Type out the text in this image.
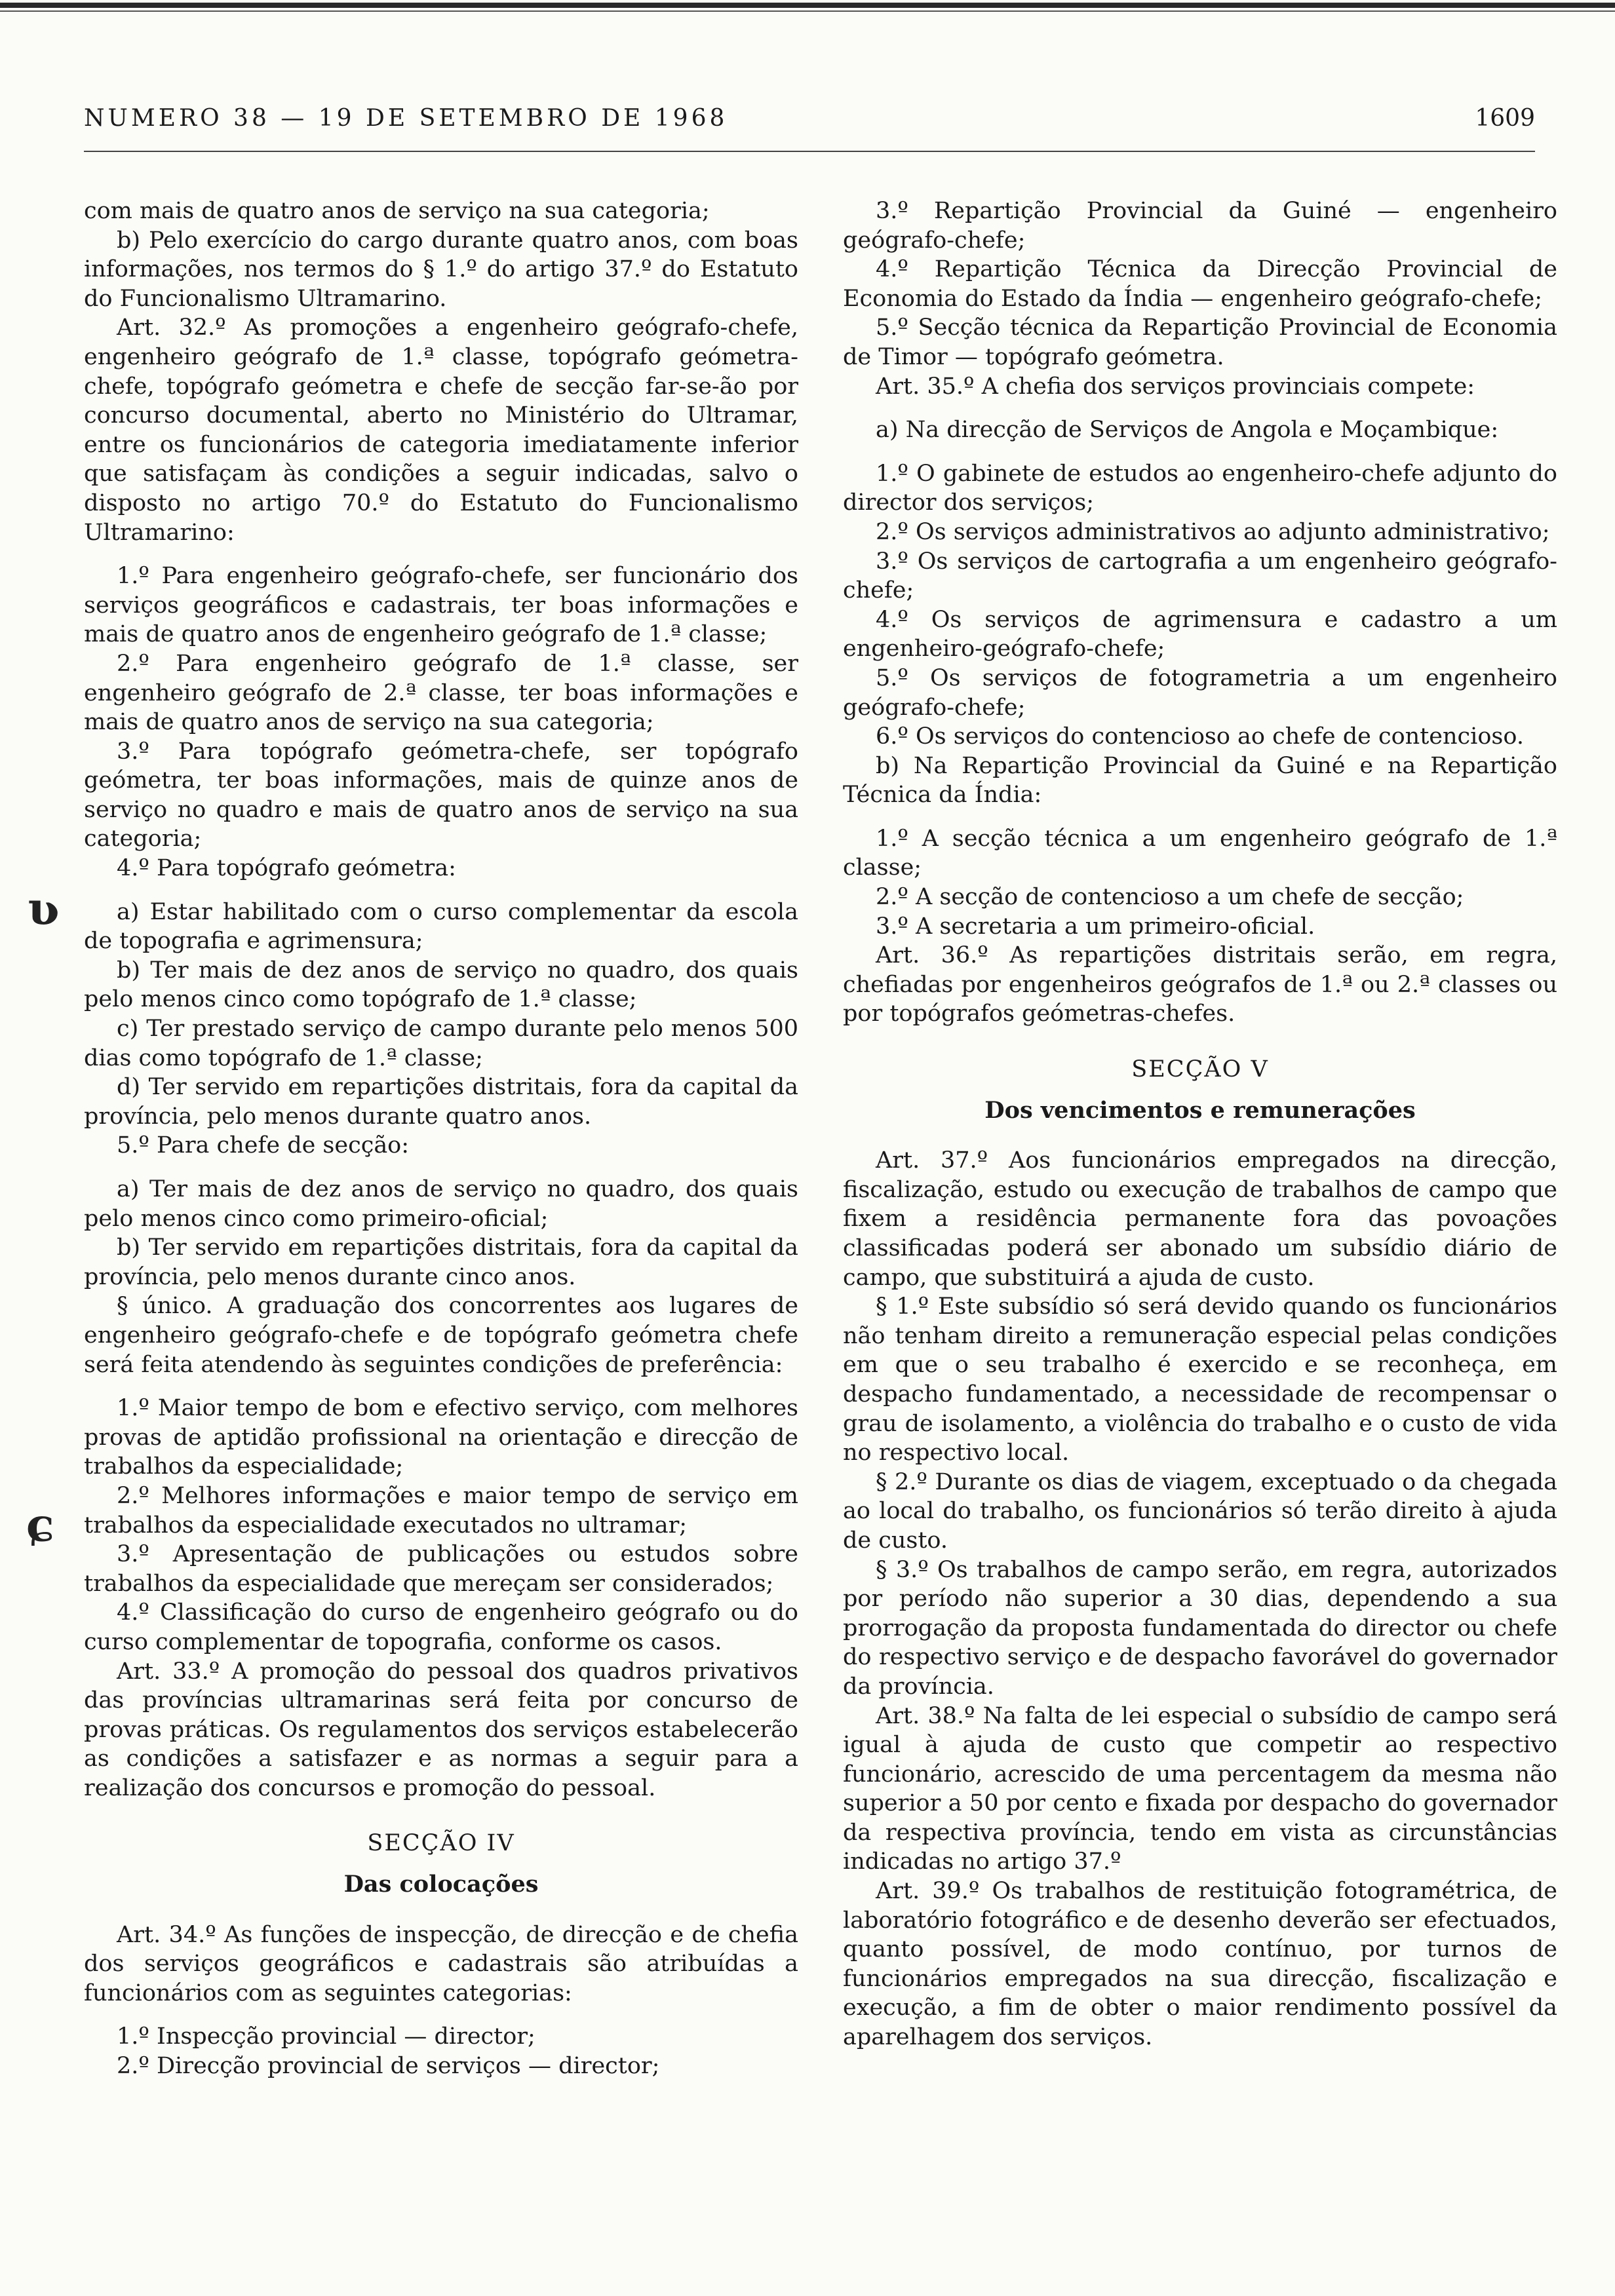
NUMERO 38 — 19 DE SETEMBRO DE 1968	1609
ʋ
ɕ
com mais de quatro anos de serviço na sua categoria;
b) Pelo exercício do cargo durante quatro anos, com boas informações, nos termos do § 1.º do artigo 37.º do Estatuto do Funcionalismo Ultramarino.
Art. 32.º As promoções a engenheiro geógrafo-chefe, engenheiro geógrafo de 1.ª classe, topógrafo geómetra-chefe, topógrafo geómetra e chefe de secção far-se-ão por concurso documental, aberto no Ministério do Ultramar, entre os funcionários de categoria imediatamente inferior que satisfaçam às condições a seguir indicadas, salvo o disposto no artigo 70.º do Estatuto do Funcionalismo Ultramarino:
1.º Para engenheiro geógrafo-chefe, ser funcionário dos serviços geográficos e cadastrais, ter boas informações e mais de quatro anos de engenheiro geógrafo de 1.ª classe;
2.º Para engenheiro geógrafo de 1.ª classe, ser engenheiro geógrafo de 2.ª classe, ter boas informações e mais de quatro anos de serviço na sua categoria;
3.º Para topógrafo geómetra-chefe, ser topógrafo geómetra, ter boas informações, mais de quinze anos de serviço no quadro e mais de quatro anos de serviço na sua categoria;
4.º Para topógrafo geómetra:
a) Estar habilitado com o curso complementar da escola de topografia e agrimensura;
b) Ter mais de dez anos de serviço no quadro, dos quais pelo menos cinco como topógrafo de 1.ª classe;
c) Ter prestado serviço de campo durante pelo menos 500 dias como topógrafo de 1.ª classe;
d) Ter servido em repartições distritais, fora da capital da província, pelo menos durante quatro anos.
5.º Para chefe de secção:
a) Ter mais de dez anos de serviço no quadro, dos quais pelo menos cinco como primeiro-oficial;
b) Ter servido em repartições distritais, fora da capital da província, pelo menos durante cinco anos.
§ único. A graduação dos concorrentes aos lugares de engenheiro geógrafo-chefe e de topógrafo geómetra chefe será feita atendendo às seguintes condições de preferência:
1.º Maior tempo de bom e efectivo serviço, com melhores provas de aptidão profissional na orientação e direcção de trabalhos da especialidade;
2.º Melhores informações e maior tempo de serviço em trabalhos da especialidade executados no ultramar;
3.º Apresentação de publicações ou estudos sobre trabalhos da especialidade que mereçam ser considerados;
4.º Classificação do curso de engenheiro geógrafo ou do curso complementar de topografia, conforme os casos.
Art. 33.º A promoção do pessoal dos quadros privativos das províncias ultramarinas será feita por concurso de provas práticas. Os regulamentos dos serviços estabelecerão as condições a satisfazer e as normas a seguir para a realização dos concursos e promoção do pessoal.
SECÇÃO IV
Das colocações
Art. 34.º As funções de inspecção, de direcção e de chefia dos serviços geográficos e cadastrais são atribuídas a funcionários com as seguintes categorias:
1.º Inspecção provincial — director;
2.º Direcção provincial de serviços — director;
3.º Repartição Provincial da Guiné — engenheiro geógrafo-chefe;
4.º Repartição Técnica da Direcção Provincial de Economia do Estado da Índia — engenheiro geógrafo-chefe;
5.º Secção técnica da Repartição Provincial de Economia de Timor — topógrafo geómetra.
Art. 35.º A chefia dos serviços provinciais compete:
a) Na direcção de Serviços de Angola e Moçambique:
1.º O gabinete de estudos ao engenheiro-chefe adjunto do director dos serviços;
2.º Os serviços administrativos ao adjunto administrativo;
3.º Os serviços de cartografia a um engenheiro geógrafo-chefe;
4.º Os serviços de agrimensura e cadastro a um engenheiro-geógrafo-chefe;
5.º Os serviços de fotogrametria a um engenheiro geógrafo-chefe;
6.º Os serviços do contencioso ao chefe de contencioso.
b) Na Repartição Provincial da Guiné e na Repartição Técnica da Índia:
1.º A secção técnica a um engenheiro geógrafo de 1.ª classe;
2.º A secção de contencioso a um chefe de secção;
3.º A secretaria a um primeiro-oficial.
Art. 36.º As repartições distritais serão, em regra, chefiadas por engenheiros geógrafos de 1.ª ou 2.ª classes ou por topógrafos geómetras-chefes.
SECÇÃO V
Dos vencimentos e remunerações
Art. 37.º Aos funcionários empregados na direcção, fiscalização, estudo ou execução de trabalhos de campo que fixem a residência permanente fora das povoações classificadas poderá ser abonado um subsídio diário de campo, que substituirá a ajuda de custo.
§ 1.º Este subsídio só será devido quando os funcionários não tenham direito a remuneração especial pelas condições em que o seu trabalho é exercido e se reconheça, em despacho fundamentado, a necessidade de recompensar o grau de isolamento, a violência do trabalho e o custo de vida no respectivo local.
§ 2.º Durante os dias de viagem, exceptuado o da chegada ao local do trabalho, os funcionários só terão direito à ajuda de custo.
§ 3.º Os trabalhos de campo serão, em regra, autorizados por período não superior a 30 dias, dependendo a sua prorrogação da proposta fundamentada do director ou chefe do respectivo serviço e de despacho favorável do governador da província.
Art. 38.º Na falta de lei especial o subsídio de campo será igual à ajuda de custo que competir ao respectivo funcionário, acrescido de uma percentagem da mesma não superior a 50 por cento e fixada por despacho do governador da respectiva província, tendo em vista as circunstâncias indicadas no artigo 37.º
Art. 39.º Os trabalhos de restituição fotogramétrica, de laboratório fotográfico e de desenho deverão ser efectuados, quanto possível, de modo contínuo, por turnos de funcionários empregados na sua direcção, fiscalização e execução, a fim de obter o maior rendimento possível da aparelhagem dos serviços.
